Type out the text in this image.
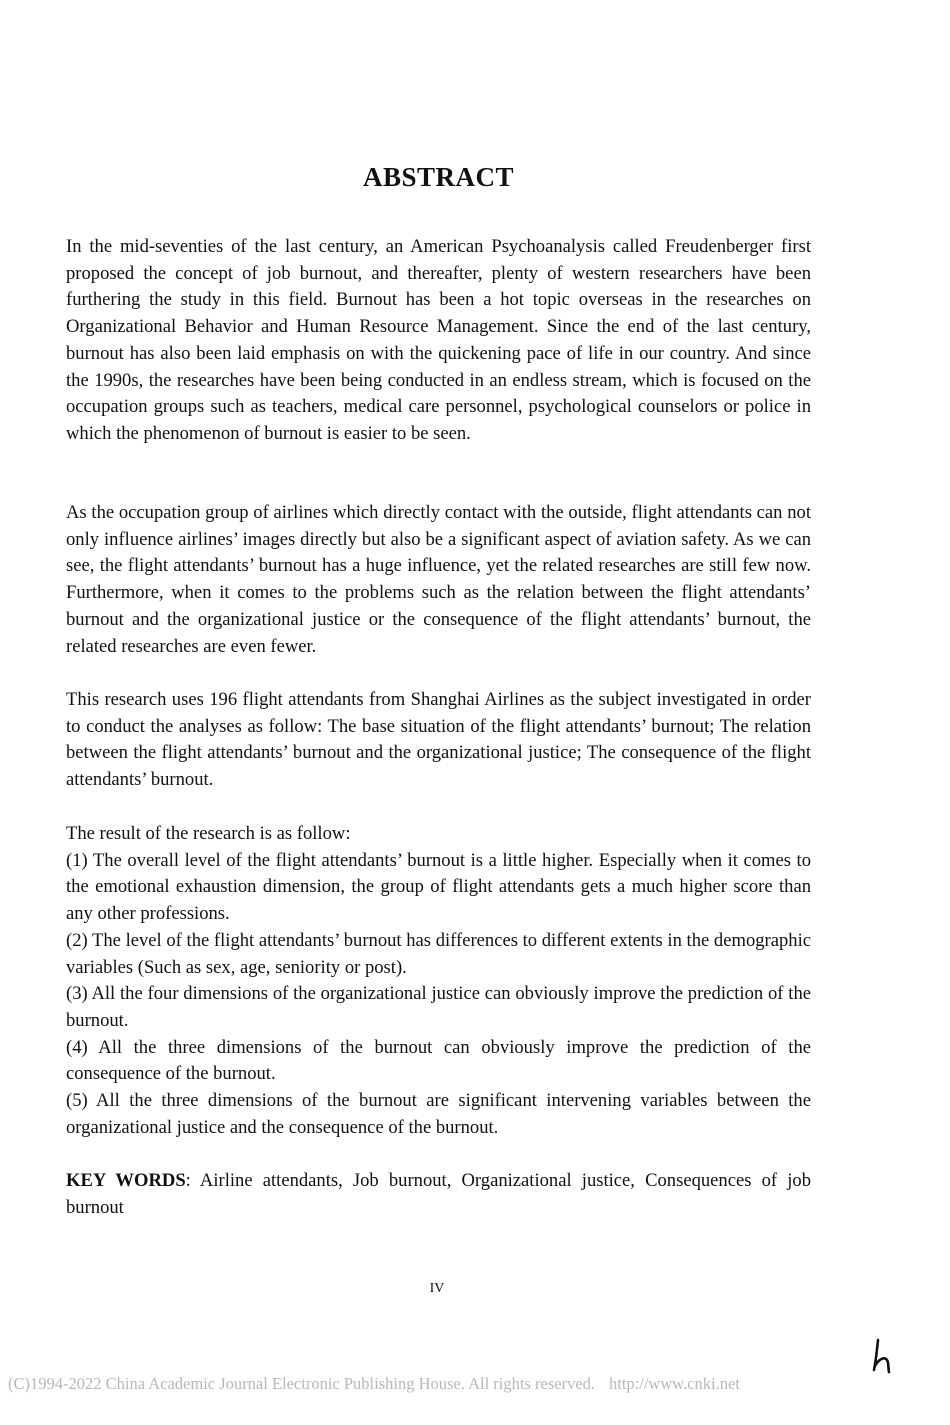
ABSTRACT

In the mid-seventies of the last century, an American Psychoanalysis called Freudenberger first proposed the concept of job burnout, and thereafter, plenty of western researchers have been furthering the study in this field. Burnout has been a hot topic overseas in the researches on Organizational Behavior and Human Resource Management. Since the end of the last century, burnout has also been laid emphasis on with the quickening pace of life in our country. And since the 1990s, the researches have been being conducted in an endless stream, which is focused on the occupation groups such as teachers, medical care personnel, psychological counselors or police in which the phenomenon of burnout is easier to be seen.

As the occupation group of airlines which directly contact with the outside, flight attendants can not only influence airlines’ images directly but also be a significant aspect of aviation safety. As we can see, the flight attendants’ burnout has a huge influence, yet the related researches are still few now. Furthermore, when it comes to the problems such as the relation between the flight attendants’ burnout and the organizational justice or the consequence of the flight attendants’ burnout, the related researches are even fewer.

This research uses 196 flight attendants from Shanghai Airlines as the subject investigated in order to conduct the analyses as follow: The base situation of the flight attendants’ burnout; The relation between the flight attendants’ burnout and the organizational justice; The consequence of the flight attendants’ burnout.

The result of the research is as follow:

(1) The overall level of the flight attendants’ burnout is a little higher. Especially when it comes to the emotional exhaustion dimension, the group of flight attendants gets a much higher score than any other professions.

(2) The level of the flight attendants’ burnout has differences to different extents in the demographic variables (Such as sex, age, seniority or post).

(3) All the four dimensions of the organizational justice can obviously improve the prediction of the burnout.

(4) All the three dimensions of the burnout can obviously improve the prediction of the consequence of the burnout.

(5) All the three dimensions of the burnout are significant intervening variables between the organizational justice and the consequence of the burnout.

KEY WORDS: Airline attendants, Job burnout, Organizational justice, Consequences of job burnout

IV

(C)1994-2022 China Academic Journal Electronic Publishing House. All rights reserved. http://www.cnki.net
